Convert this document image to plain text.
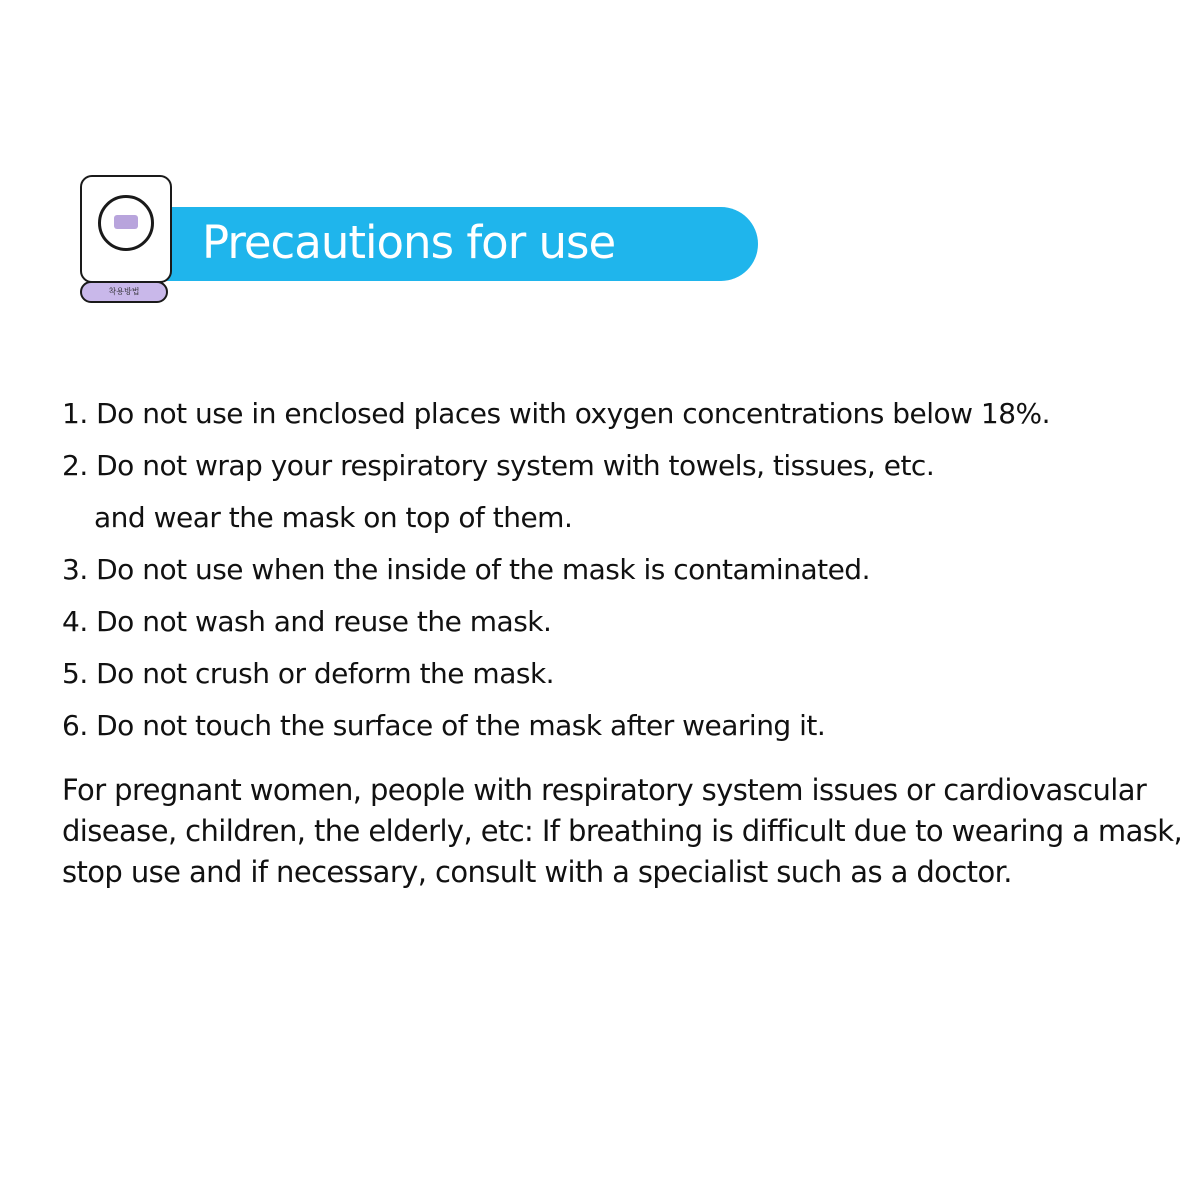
Precautions for use
착용방법
1. Do not use in enclosed places with oxygen concentrations below 18%.
2. Do not wrap your respiratory system with towels, tissues, etc.
and wear the mask on top of them.
3. Do not use when the inside of the mask is contaminated.
4. Do not wash and reuse the mask.
5. Do not crush or deform the mask.
6. Do not touch the surface of the mask after wearing it.

For pregnant women, people with respiratory system issues or cardiovascular
disease, children, the elderly, etc: If breathing is difficult due to wearing a mask,
stop use and if necessary, consult with a specialist such as a doctor.
